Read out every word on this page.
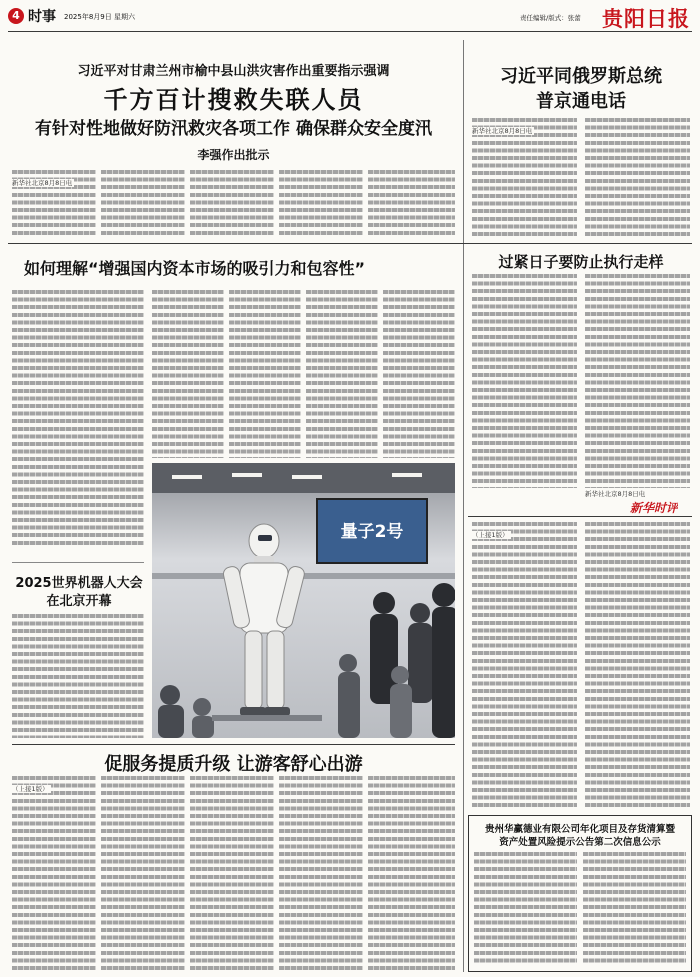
4 时事 2025年8月9日 星期六	责任编辑/版式：张蕾 贵阳日报
习近平对甘肃兰州市榆中县山洪灾害作出重要指示强调
千方百计搜救失联人员
有针对性地做好防汛救灾各项工作 确保群众安全度汛
李强作出批示
新华社北京8月8日电
习近平同俄罗斯总统
普京通电话
新华社北京8月8日电
如何理解“增强国内资本市场的吸引力和包容性”
2025世界机器人大会
在北京开幕
量子2号
促服务提质升级 让游客舒心出游
（上接1版）
过紧日子要防止执行走样
新华社北京8月8日电
新华时评
（上接1版）
贵州华赢德业有限公司年化项目及存货清算暨
资产处置风险提示公告第二次信息公示
